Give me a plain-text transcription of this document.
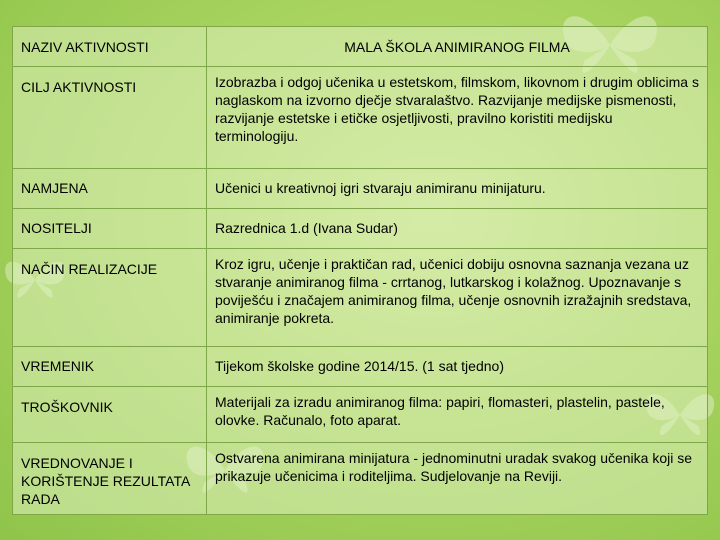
NAZIV AKTIVNOSTI	MALA ŠKOLA ANIMIRANOG FILMA
CILJ AKTIVNOSTI	Izobrazba i odgoj učenika u estetskom, filmskom, likovnom i drugim oblicima s naglaskom na izvorno dječje stvaralaštvo. Razvijanje medijske pismenosti, razvijanje estetske i etičke osjetljivosti, pravilno koristiti medijsku terminologiju.
NAMJENA	Učenici u kreativnoj igri stvaraju animiranu minijaturu.
NOSITELJI	Razrednica 1.d (Ivana Sudar)
NAČIN REALIZACIJE	Kroz igru, učenje i praktičan rad, učenici dobiju osnovna saznanja vezana uz stvaranje animiranog filma - crrtanog, lutkarskog i kolažnog. Upoznavanje s poviješću i značajem animiranog filma, učenje osnovnih izražajnih sredstava, animiranje pokreta.
VREMENIK	Tijekom školske godine 2014/15. (1 sat tjedno)
TROŠKOVNIK	Materijali za izradu animiranog filma: papiri, flomasteri, plastelin, pastele, olovke. Računalo, foto aparat.
VREDNOVANJE I KORIŠTENJE REZULTATA RADA	Ostvarena animirana minijatura - jednominutni uradak svakog učenika koji se prikazuje učenicima i roditeljima. Sudjelovanje na Reviji.
